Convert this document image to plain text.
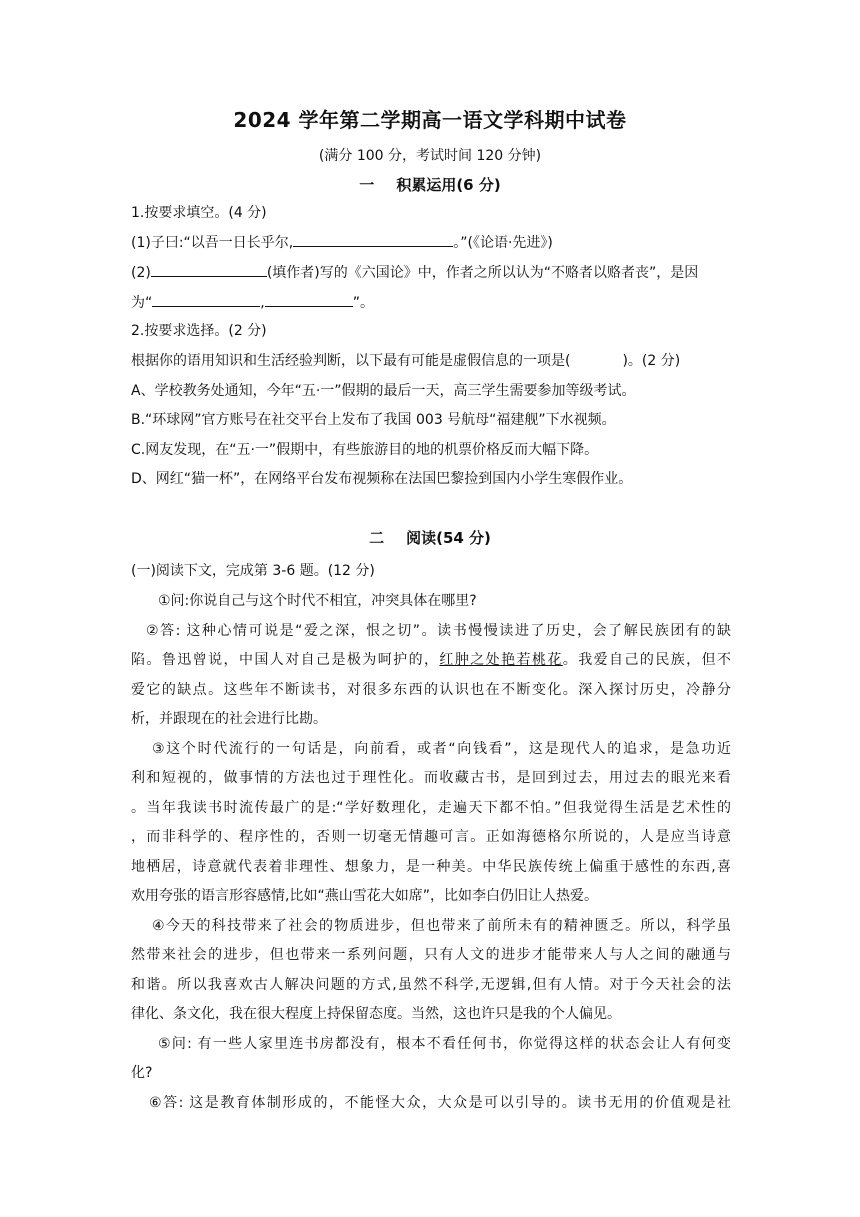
2024 学年第二学期高一语文学科期中试卷
(满分 100 分，考试时间 120 分钟)
一 积累运用(6 分)
1.按要求填空。(4 分)
(1)子曰:“以吾一日长乎尔,	。”(《论语·先进》)
(2)	(填作者)写的《六国论》中，作者之所以认为“不赂者以赂者丧”，是因
为“	,	”。
2.按要求选择。(2 分)
根据你的语用知识和生活经验判断，以下最有可能是虚假信息的一项是(	)。(2 分)
A、学校教务处通知，今年“五·一”假期的最后一天，高三学生需要参加等级考试。
B.“环球网”官方账号在社交平台上发布了我国 003 号航母“福建舰”下水视频。
C.网友发现，在“五·一”假期中，有些旅游目的地的机票价格反而大幅下降。
D、网红“猫一杯”，在网络平台发布视频称在法国巴黎捡到国内小学生寒假作业。
二 阅读(54 分)
(一)阅读下文，完成第 3-6 题。(12 分)
①问:你说自己与这个时代不相宜，冲突具体在哪里?
②答: 这种心情可说是“爱之深，恨之切”。读书慢慢读进了历史，会了解民族团有的缺
陷。鲁迅曾说，中国人对自己是极为呵护的，红肿之处艳若桃花。我爱自己的民族，但不
爱它的缺点。这些年不断读书，对很多东西的认识也在不断变化。深入探讨历史，冷静分
析，并跟现在的社会进行比勘。
③这个时代流行的一句话是，向前看，或者“向钱看”，这是现代人的追求，是急功近
利和短视的，做事情的方法也过于理性化。而收藏古书，是回到过去，用过去的眼光来看
。当年我读书时流传最广的是:“学好数理化，走遍天下都不怕。”但我觉得生活是艺术性的
，而非科学的、程序性的，否则一切毫无情趣可言。正如海德格尔所说的，人是应当诗意
地栖居，诗意就代表着非理性、想象力，是一种美。中华民族传统上偏重于感性的东西,喜
欢用夸张的语言形容感情,比如“燕山雪花大如席”，比如李白仍旧让人热爱。
④今天的科技带来了社会的物质进步，但也带来了前所未有的精神匮乏。所以，科学虽
然带来社会的进步，但也带来一系列问题，只有人文的进步才能带来人与人之间的融通与
和谐。所以我喜欢古人解决问题的方式,虽然不科学,无逻辑,但有人情。对于今天社会的法
律化、条文化，我在很大程度上持保留态度。当然，这也许只是我的个人偏见。
⑤问: 有一些人家里连书房都没有，根本不看任何书，你觉得这样的状态会让人有何变
化?
⑥答: 这是教育体制形成的，不能怪大众，大众是可以引导的。读书无用的价值观是社
